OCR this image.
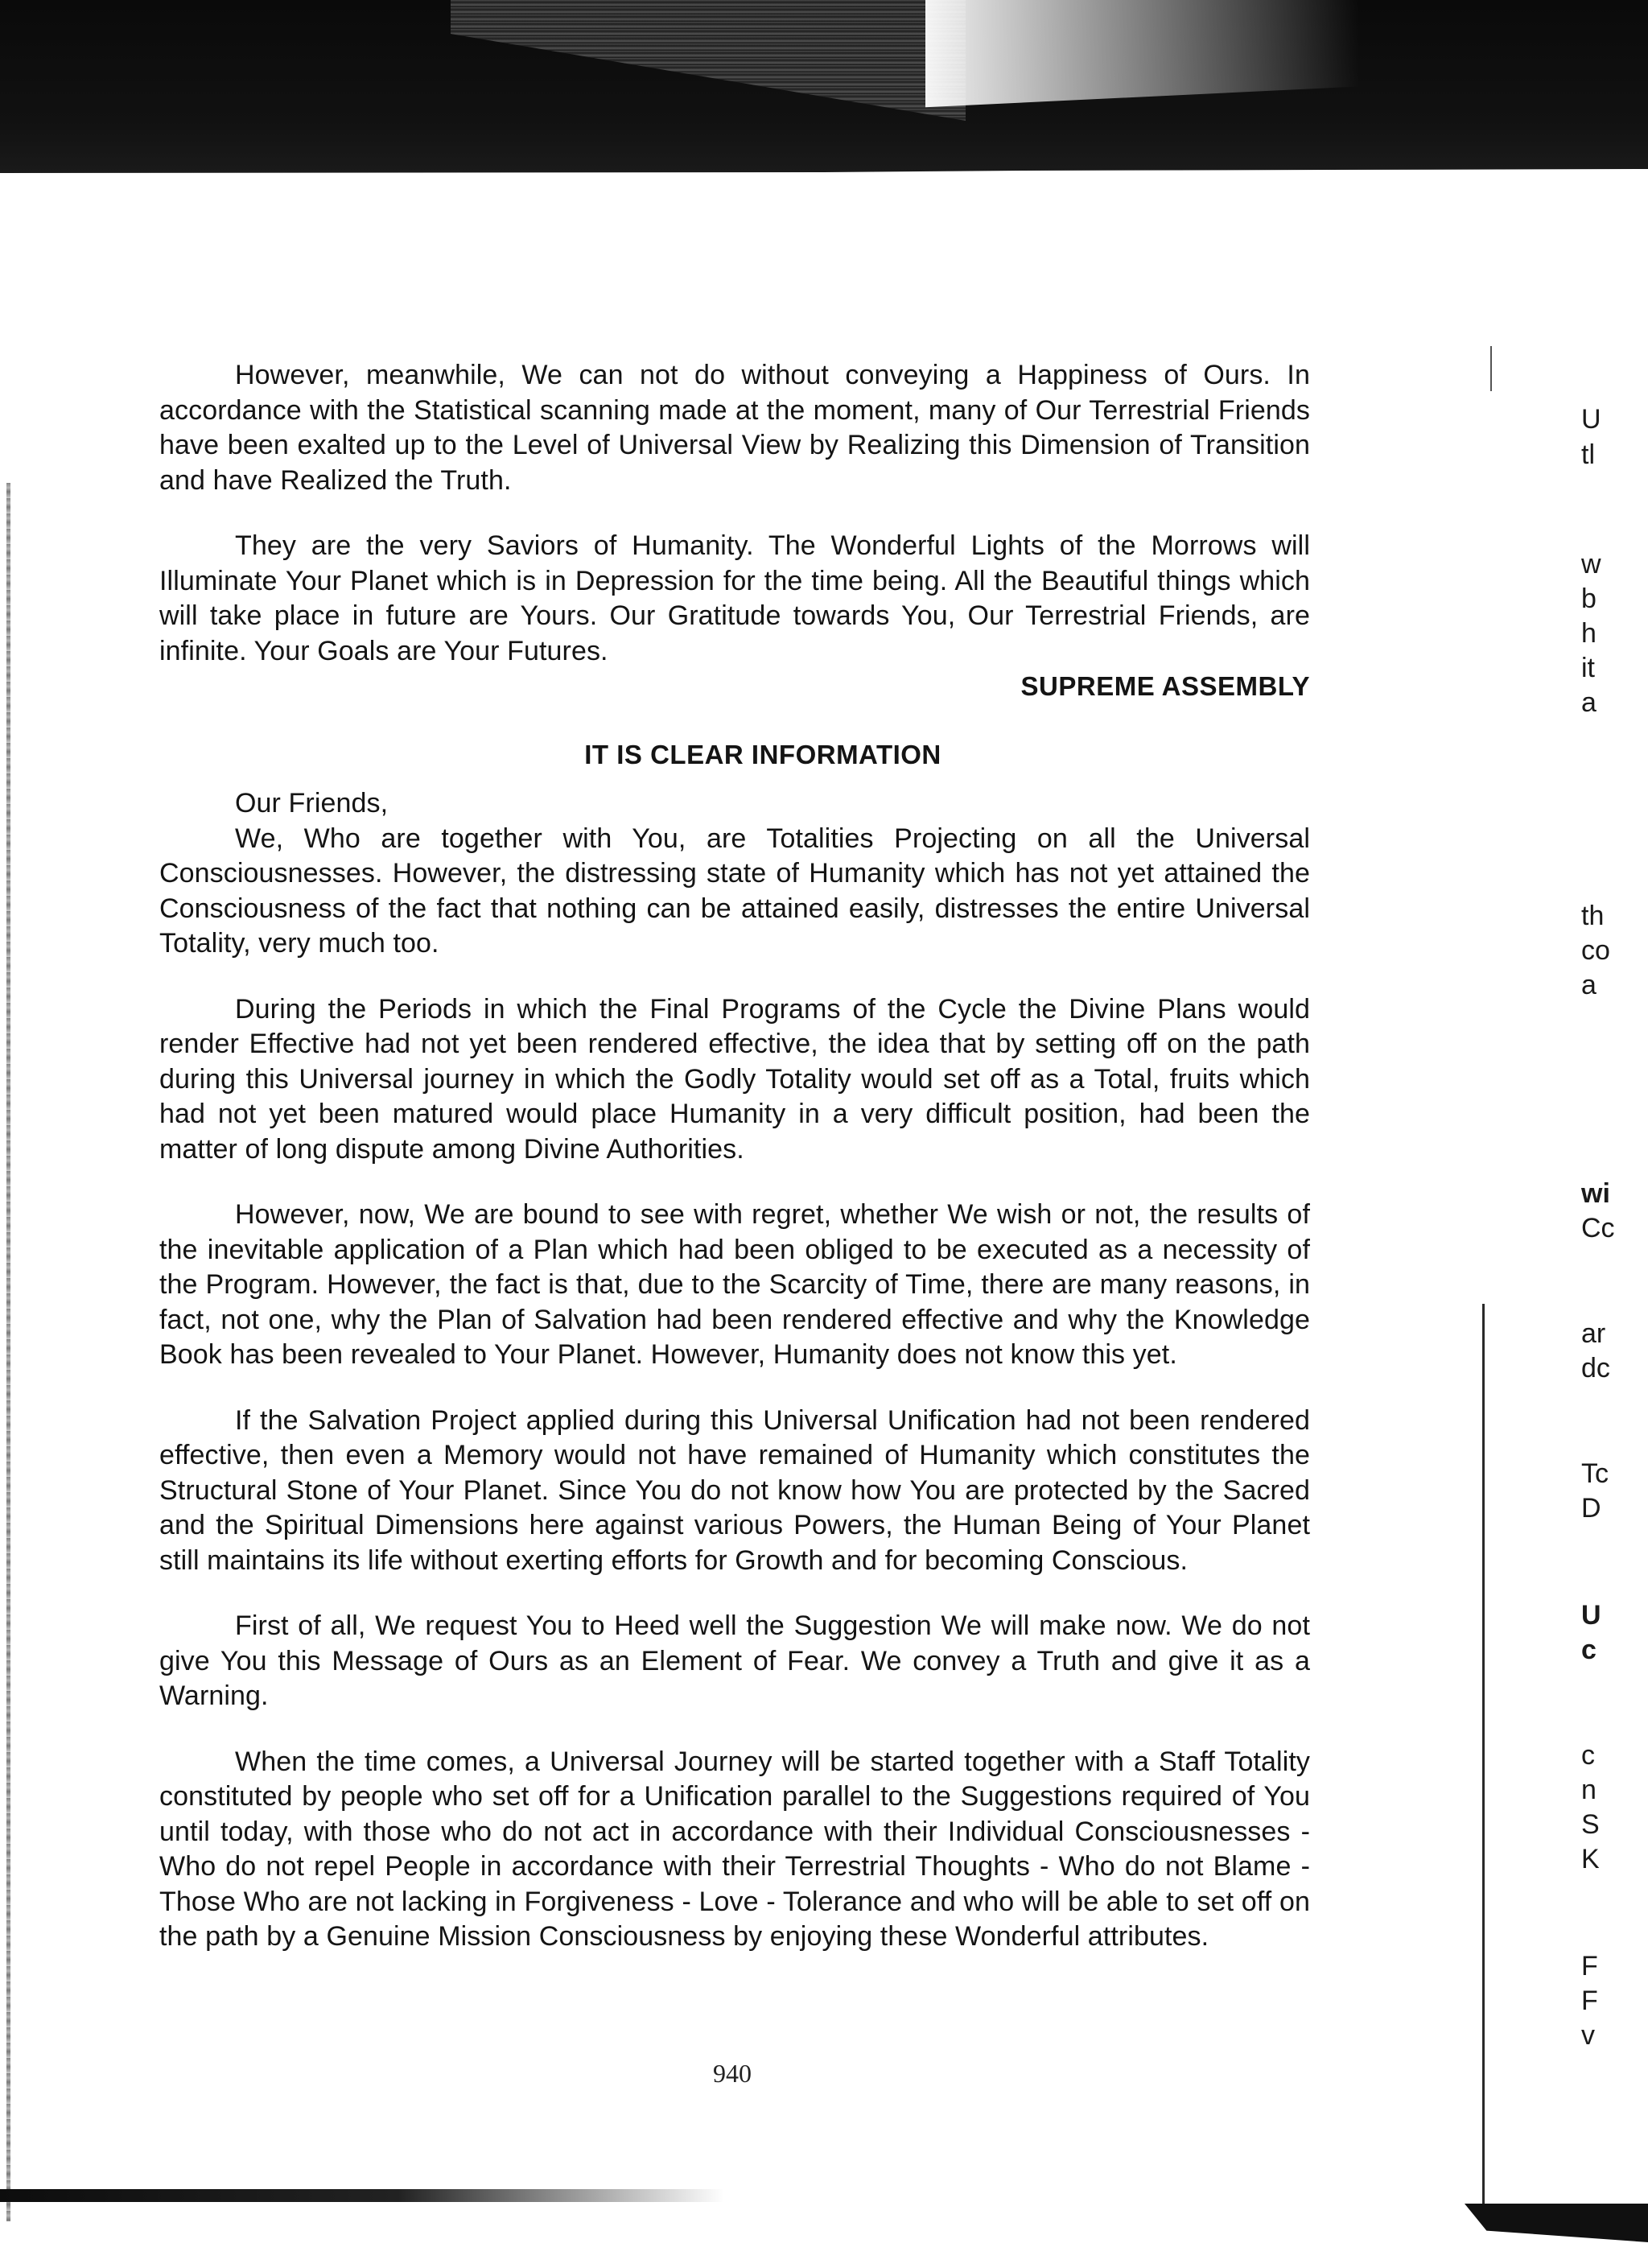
However, meanwhile, We can not do without conveying a Happiness of Ours. In accordance with the Statistical scanning made at the moment, many of Our Terrestrial Friends have been exalted up to the Level of Universal View by Realizing this Dimension of Transition and have Realized the Truth.

They are the very Saviors of Humanity. The Wonderful Lights of the Morrows will Illuminate Your Planet which is in Depression for the time being. All the Beautiful things which will take place in future are Yours. Our Gratitude towards You, Our Terrestrial Friends, are infinite. Your Goals are Your Futures.

SUPREME ASSEMBLY
IT IS CLEAR INFORMATION

Our Friends,

We, Who are together with You, are Totalities Projecting on all the Universal Consciousnesses. However, the distressing state of Humanity which has not yet attained the Consciousness of the fact that nothing can be attained easily, distresses the entire Universal Totality, very much too.

During the Periods in which the Final Programs of the Cycle the Divine Plans would render Effective had not yet been rendered effective, the idea that by setting off on the path during this Universal journey in which the Godly Totality would set off as a Total, fruits which had not yet been matured would place Humanity in a very difficult position, had been the matter of long dispute among Divine Authorities.

However, now, We are bound to see with regret, whether We wish or not, the results of the inevitable application of a Plan which had been obliged to be executed as a necessity of the Program. However, the fact is that, due to the Scarcity of Time, there are many reasons, in fact, not one, why the Plan of Salvation had been rendered effective and why the Knowledge Book has been revealed to Your Planet. However, Humanity does not know this yet.

If the Salvation Project applied during this Universal Unification had not been rendered effective, then even a Memory would not have remained of Humanity which constitutes the Structural Stone of Your Planet. Since You do not know how You are protected by the Sacred and the Spiritual Dimensions here against various Powers, the Human Being of Your Planet still maintains its life without exerting efforts for Growth and for becoming Conscious.

First of all, We request You to Heed well the Suggestion We will make now. We do not give You this Message of Ours as an Element of Fear. We convey a Truth and give it as a Warning.

When the time comes, a Universal Journey will be started together with a Staff Totality constituted by people who set off for a Unification parallel to the Suggestions required of You until today, with those who do not act in accordance with their Individual Consciousnesses - Who do not repel People in accordance with their Terrestrial Thoughts - Who do not Blame - Those Who are not lacking in Forgiveness - Love - Tolerance and who will be able to set off on the path by a Genuine Mission Consciousness by enjoying these Wonderful attributes.

940
U
tl
w
b
h
it
a
th
co
a
wi
Cc
ar
dc
Tc
D
U
c
c
n
S
K
F
F
v
